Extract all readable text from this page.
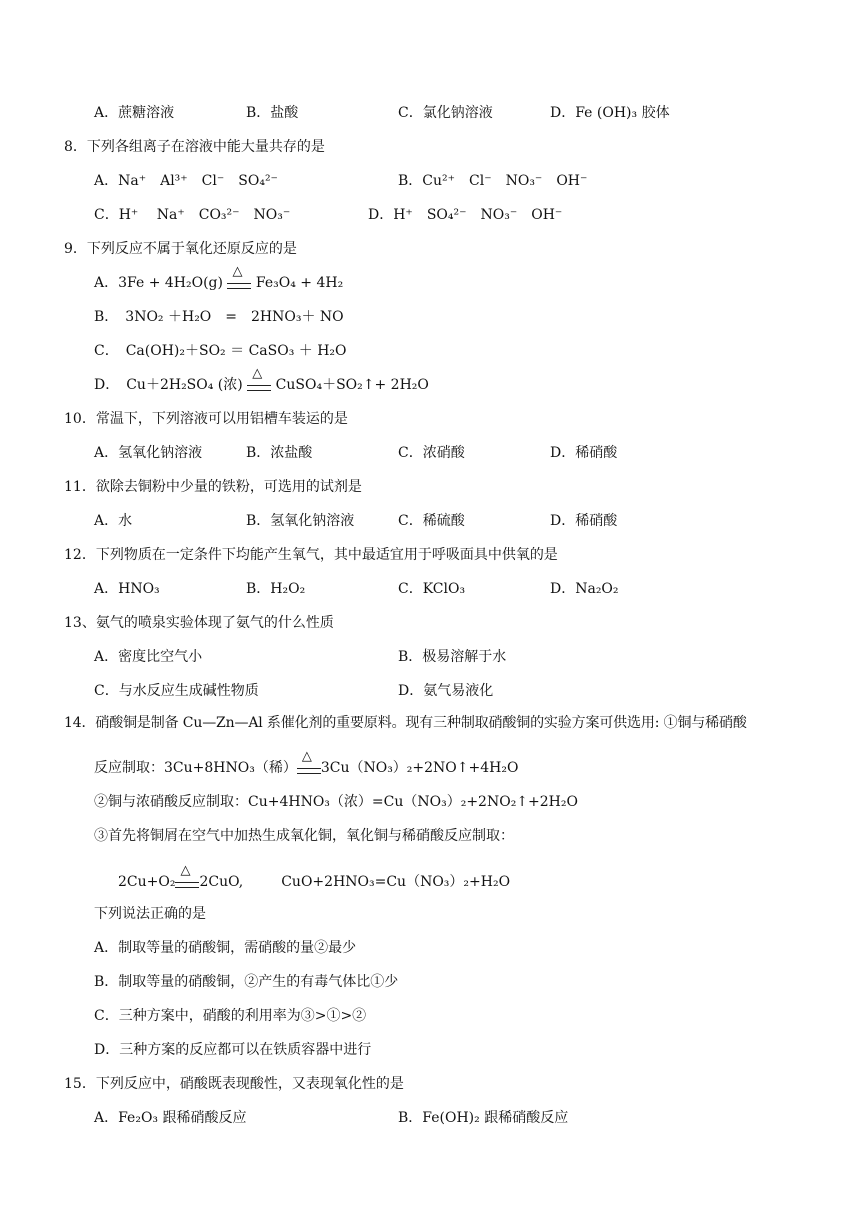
A．蔗糖溶液	B．盐酸	C．氯化钠溶液	D．Fe (OH)₃ 胶体
8．下列各组离子在溶液中能大量共存的是
A．Na⁺　Al³⁺　Cl⁻　SO₄²⁻	B．Cu²⁺　Cl⁻　NO₃⁻　OH⁻
C．H⁺　 Na⁺　CO₃²⁻　NO₃⁻	D．H⁺　SO₄²⁻　NO₃⁻　OH⁻
9．下列反应不属于氧化还原反应的是
A．3Fe + 4H₂O(g)
△
Fe₃O₄ + 4H₂
B．　3NO₂ ＋H₂O　=　2HNO₃＋ NO
C．　Ca(OH)₂＋SO₂ ＝ CaSO₃ ＋ H₂O
D．　Cu＋2H₂SO₄ (浓)
△
CuSO₄＋SO₂↑+ 2H₂O
10．常温下，下列溶液可以用铝槽车装运的是
A．氢氧化钠溶液	B．浓盐酸	C．浓硝酸	D．稀硝酸
11．欲除去铜粉中少量的铁粉，可选用的试剂是
A．水	B．氢氧化钠溶液	C．稀硫酸	D．稀硝酸
12．下列物质在一定条件下均能产生氧气，其中最适宜用于呼吸面具中供氧的是
A．HNO₃	B．H₂O₂	C．KClO₃	D．Na₂O₂
13、氨气的喷泉实验体现了氨气的什么性质
A．密度比空气小	B．极易溶解于水
C．与水反应生成碱性物质	D．氨气易液化
14．硝酸铜是制备 Cu—Zn—Al 系催化剂的重要原料。现有三种制取硝酸铜的实验方案可供选用: ①铜与稀硝酸
反应制取：3Cu+8HNO₃（稀）
△
3Cu（NO₃）₂+2NO↑+4H₂O
②铜与浓硝酸反应制取：Cu+4HNO₃（浓）=Cu（NO₃）₂+2NO₂↑+2H₂O
③首先将铜屑在空气中加热生成氧化铜，氧化铜与稀硝酸反应制取：
2Cu+O₂
△
2CuO,	CuO+2HNO₃=Cu（NO₃）₂+H₂O
下列说法正确的是
A．制取等量的硝酸铜，需硝酸的量②最少
B．制取等量的硝酸铜，②产生的有毒气体比①少
C．三种方案中，硝酸的利用率为③>①>②
D．三种方案的反应都可以在铁质容器中进行
15．下列反应中，硝酸既表现酸性，又表现氧化性的是
A．Fe₂O₃ 跟稀硝酸反应	B．Fe(OH)₂ 跟稀硝酸反应
